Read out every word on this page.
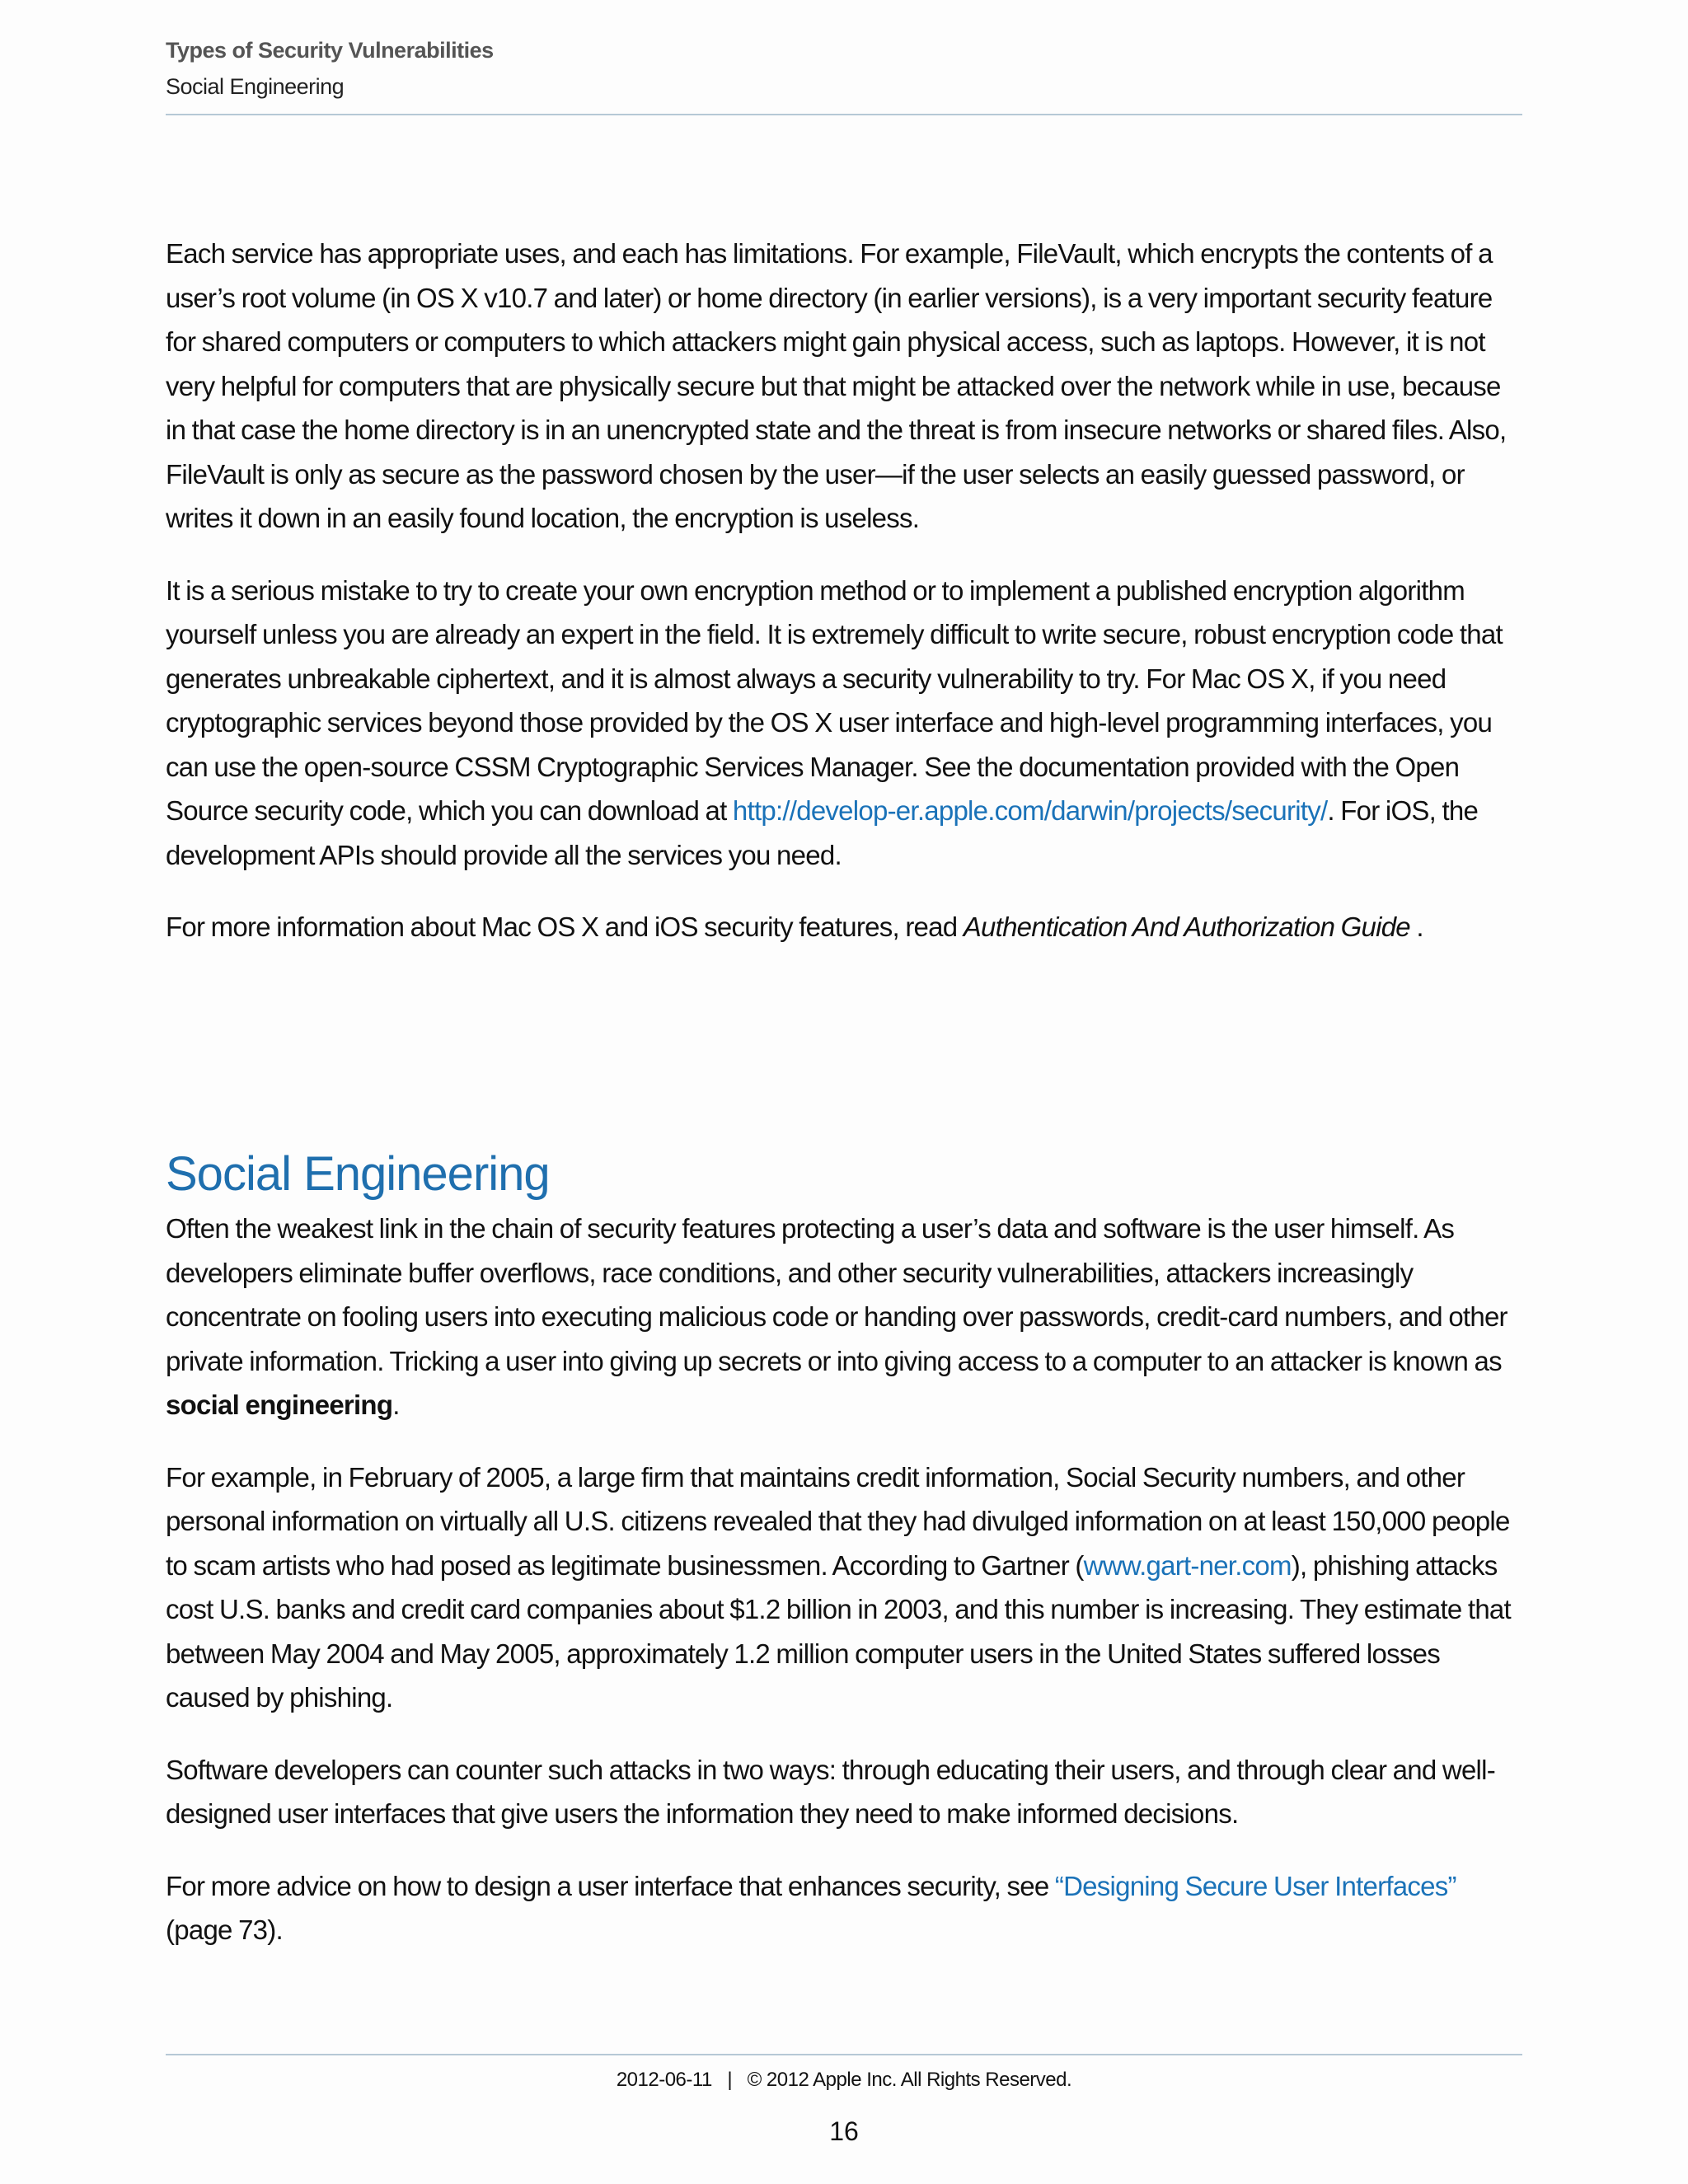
Types of Security Vulnerabilities
Social Engineering

Each service has appropriate uses, and each has limitations. For example, FileVault, which encrypts the contents of a user’s root volume (in OS X v10.7 and later) or home directory (in earlier versions), is a very important security feature for shared computers or computers to which attackers might gain physical access, such as laptops. However, it is not very helpful for computers that are physically secure but that might be attacked over the network while in use, because in that case the home directory is in an unencrypted state and the threat is from insecure networks or shared files. Also, FileVault is only as secure as the password chosen by the user—if the user selects an easily guessed password, or writes it down in an easily found location, the encryption is useless.

It is a serious mistake to try to create your own encryption method or to implement a published encryption algorithm yourself unless you are already an expert in the field. It is extremely difficult to write secure, robust encryption code that generates unbreakable ciphertext, and it is almost always a security vulnerability to try. For Mac OS X, if you need cryptographic services beyond those provided by the OS X user interface and high-level programming interfaces, you can use the open-source CSSM Cryptographic Services Manager. See the documentation provided with the Open Source security code, which you can download at http://develop-er.apple.com/darwin/projects/security/. For iOS, the development APIs should provide all the services you need.

For more information about Mac OS X and iOS security features, read Authentication And Authorization Guide .

Social Engineering

Often the weakest link in the chain of security features protecting a user’s data and software is the user himself. As developers eliminate buffer overflows, race conditions, and other security vulnerabilities, attackers increasingly concentrate on fooling users into executing malicious code or handing over passwords, credit-card numbers, and other private information. Tricking a user into giving up secrets or into giving access to a computer to an attacker is known as social engineering.

For example, in February of 2005, a large firm that maintains credit information, Social Security numbers, and other personal information on virtually all U.S. citizens revealed that they had divulged information on at least 150,000 people to scam artists who had posed as legitimate businessmen. According to Gartner (www.gart-ner.com), phishing attacks cost U.S. banks and credit card companies about $1.2 billion in 2003, and this number is increasing. They estimate that between May 2004 and May 2005, approximately 1.2 million computer users in the United States suffered losses caused by phishing.

Software developers can counter such attacks in two ways: through educating their users, and through clear and well-designed user interfaces that give users the information they need to make informed decisions.

For more advice on how to design a user interface that enhances security, see “Designing Secure User Interfaces” (page 73).

2012-06-11 | © 2012 Apple Inc. All Rights Reserved.
16
